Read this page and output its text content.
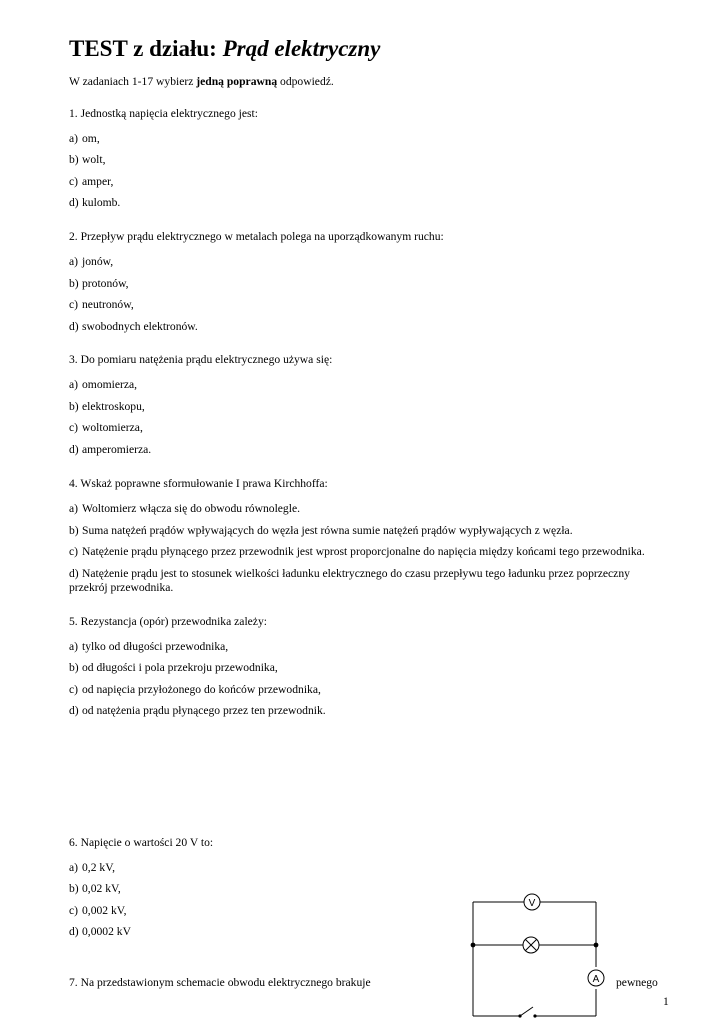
TEST z działu: Prąd elektryczny
W zadaniach 1-17 wybierz jedną poprawną odpowiedź.
1. Jednostką napięcia elektrycznego jest:
a) om,
b) wolt,
c) amper,
d) kulomb.
2. Przepływ prądu elektrycznego w metalach polega na uporządkowanym ruchu:
a) jonów,
b) protonów,
c) neutronów,
d) swobodnych elektronów.
3. Do pomiaru natężenia prądu elektrycznego używa się:
a) omomierza,
b) elektroskopu,
c) woltomierza,
d) amperomierza.
4. Wskaż poprawne sformułowanie I prawa Kirchhoffa:
a) Woltomierz włącza się do obwodu równolegle.
b) Suma natężeń prądów wpływających do węzła jest równa sumie natężeń prądów wypływających z węzła.
c) Natężenie prądu płynącego przez przewodnik jest wprost proporcjonalne do napięcia między końcami tego przewodnika.
d) Natężenie prądu jest to stosunek wielkości ładunku elektrycznego do czasu przepływu tego ładunku przez poprzeczny przekrój przewodnika.
5. Rezystancja (opór) przewodnika zależy:
a) tylko od długości przewodnika,
b) od długości i pola przekroju przewodnika,
c) od napięcia przyłożonego do końców przewodnika,
d) od natężenia prądu płynącego przez ten przewodnik.
6. Napięcie o wartości 20 V to:
a) 0,2 kV,
b) 0,02 kV,
c) 0,002 kV,
d) 0,0002 kV
7. Na przedstawionym schemacie obwodu elektrycznego brakuje	pewnego
V
A
1
